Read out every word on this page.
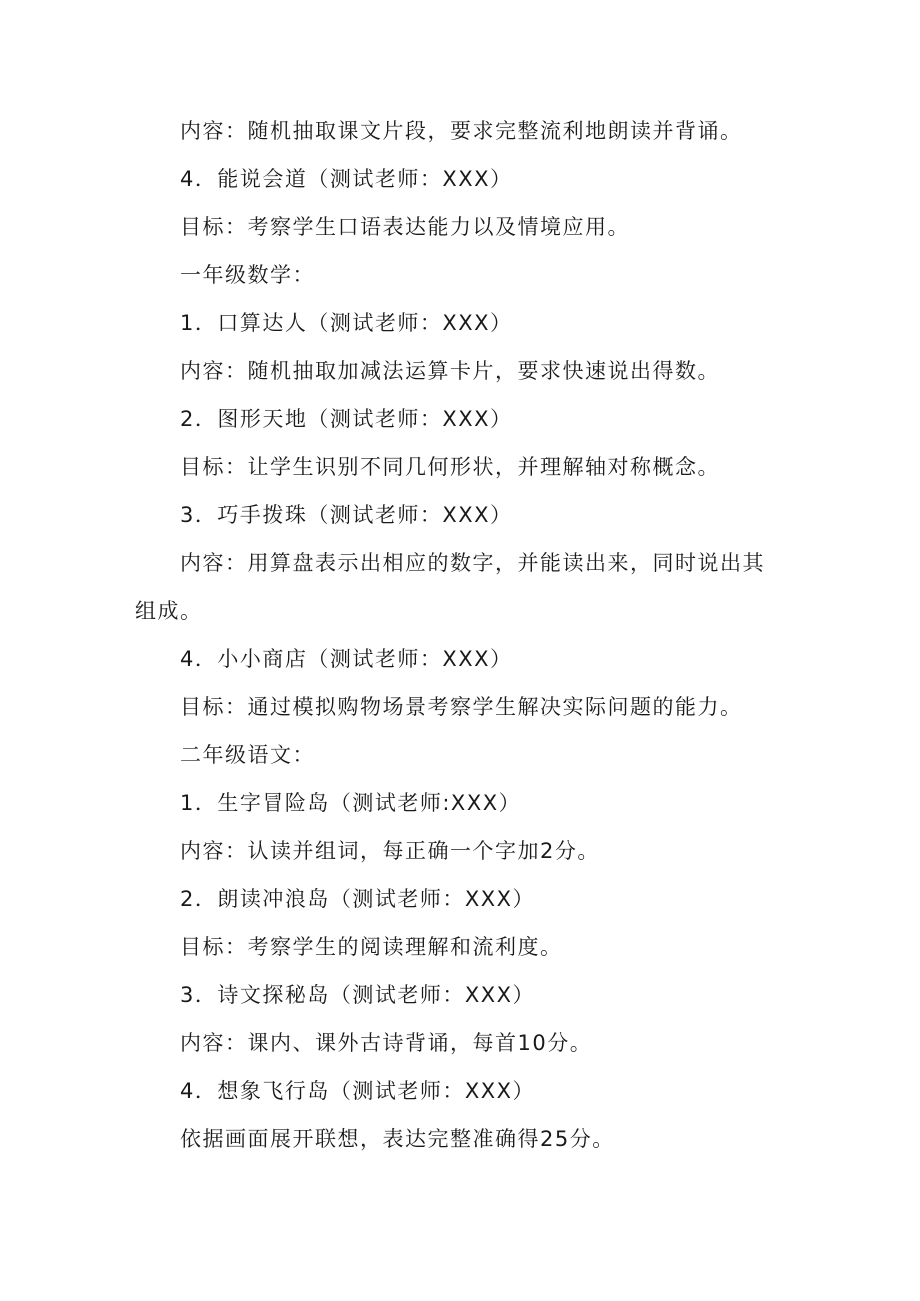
内容：随机抽取课文片段，要求完整流利地朗读并背诵。
4．能说会道（测试老师：XXX）
目标：考察学生口语表达能力以及情境应用。
一年级数学：
1．口算达人（测试老师：XXX）
内容：随机抽取加减法运算卡片，要求快速说出得数。
2．图形天地（测试老师：XXX）
目标：让学生识别不同几何形状，并理解轴对称概念。
3．巧手拨珠（测试老师：XXX）
内容：用算盘表示出相应的数字，并能读出来，同时说出其
组成。
4．小小商店（测试老师：XXX）
目标：通过模拟购物场景考察学生解决实际问题的能力。
二年级语文：
1．生字冒险岛（测试老师:XXX）
内容：认读并组词，每正确一个字加2分。
2．朗读冲浪岛（测试老师：XXX）
目标：考察学生的阅读理解和流利度。
3．诗文探秘岛（测试老师：XXX）
内容：课内、课外古诗背诵，每首10分。
4．想象飞行岛（测试老师：XXX）
依据画面展开联想，表达完整准确得25分。
